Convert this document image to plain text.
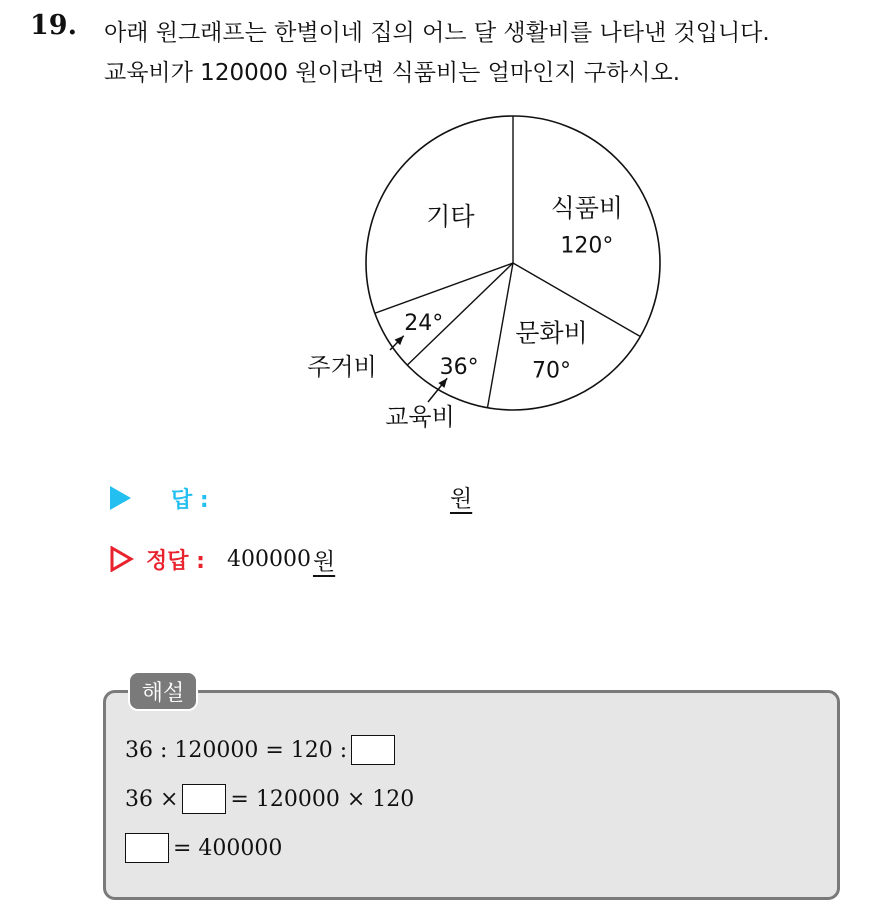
19. 아래 원그래프는 한별이네 집의 어느 달 생활비를 나타낸 것입니다.
교육비가 120000 원이라면 식품비는 얼마인지 구하시오.
식품비
120°
문화비
70°
기타
36°
교육비
24°
주거비
답 :	원
정답 : 400000 원
해설
36 : 120000 = 120 :
36 × = 120000 × 120
= 400000
